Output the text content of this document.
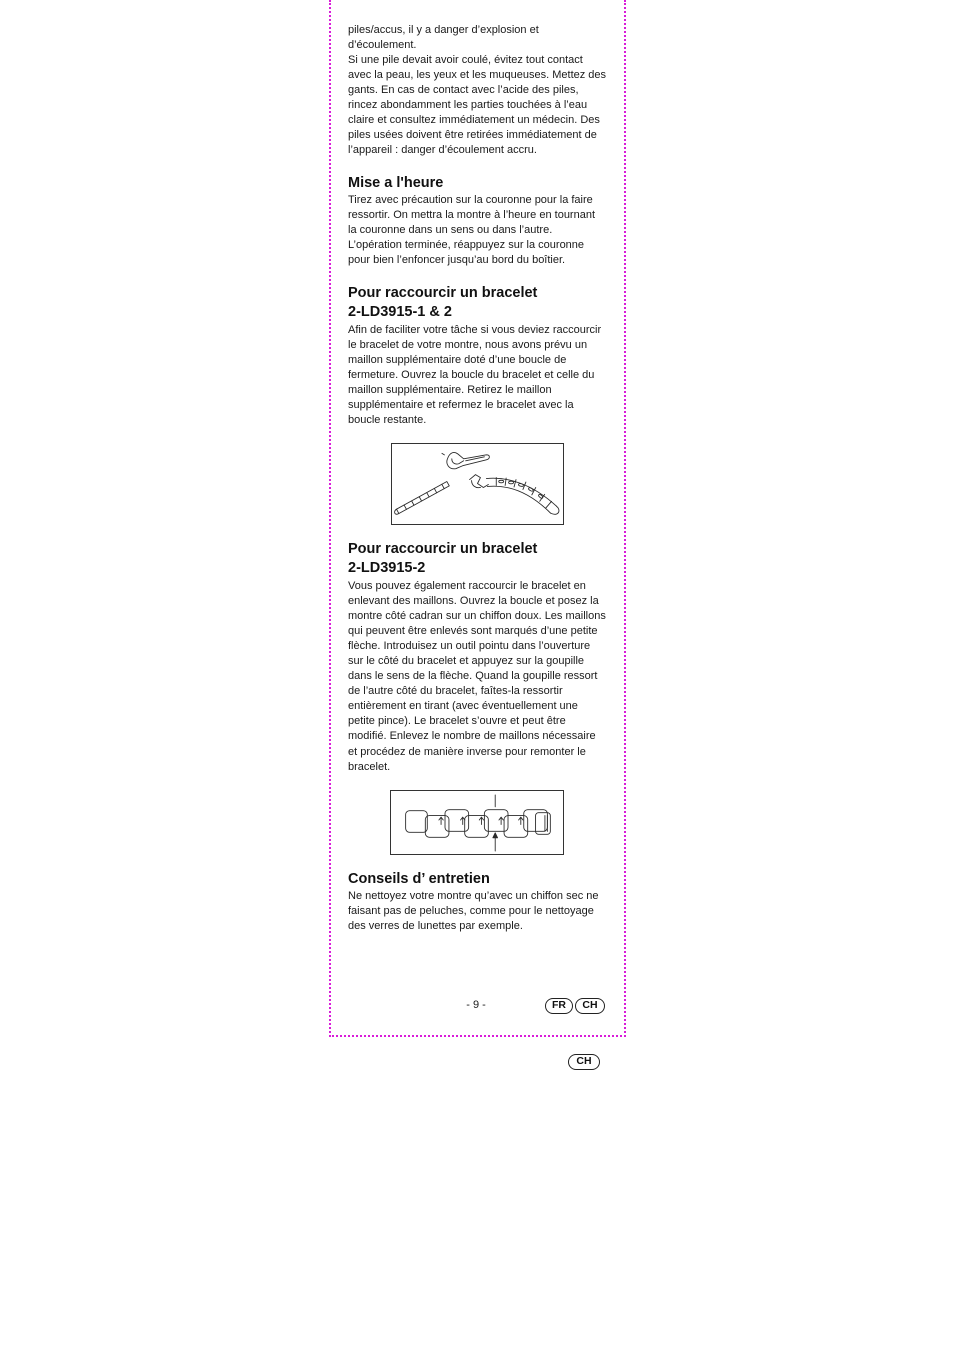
piles/accus, il y a danger d’explosion et
d’écoulement.
Si une pile devait avoir coulé, évitez tout contact
avec la peau, les yeux et les muqueuses. Mettez des
gants. En cas de contact avec l’acide des piles,
rincez abondamment les parties touchées à l’eau
claire et consultez immédiatement un médecin. Des
piles usées doivent être retirées immédiatement de
l’appareil : danger d’écoulement accru.
Mise a l'heure
Tirez avec précaution sur la couronne pour la faire
ressortir. On mettra la montre à l’heure en tournant
la couronne dans un sens ou dans l’autre.
L’opération terminée, réappuyez sur la couronne
pour bien l’enfoncer jusqu’au bord du boîtier.
Pour raccourcir un bracelet
2-LD3915-1 & 2
Afin de faciliter votre tâche si vous deviez raccourcir
le bracelet de votre montre, nous avons prévu un
maillon supplémentaire doté d’une boucle de
fermeture. Ouvrez la boucle du bracelet et celle du
maillon supplémentaire. Retirez le maillon
supplémentaire et refermez le bracelet avec la
boucle restante.
Pour raccourcir un bracelet
2-LD3915-2
Vous pouvez également raccourcir le bracelet en
enlevant des maillons. Ouvrez la boucle et posez la
montre côté cadran sur un chiffon doux. Les maillons
qui peuvent être enlevés sont marqués d’une petite
flèche. Introduisez un outil pointu dans l’ouverture
sur le côté du bracelet et appuyez sur la goupille
dans le sens de la flèche. Quand la goupille ressort
de l’autre côté du bracelet, faîtes-la ressortir
entièrement en tirant (avec éventuellement une
petite pince). Le bracelet s’ouvre et peut être
modifié. Enlevez le nombre de maillons nécessaire
et procédez de manière inverse pour remonter le
bracelet.
Conseils d’ entretien
Ne nettoyez votre montre qu’avec un chiffon sec ne
faisant pas de peluches, comme pour le nettoyage
des verres de lunettes par exemple.
- 9 -	FR	CH
CH
